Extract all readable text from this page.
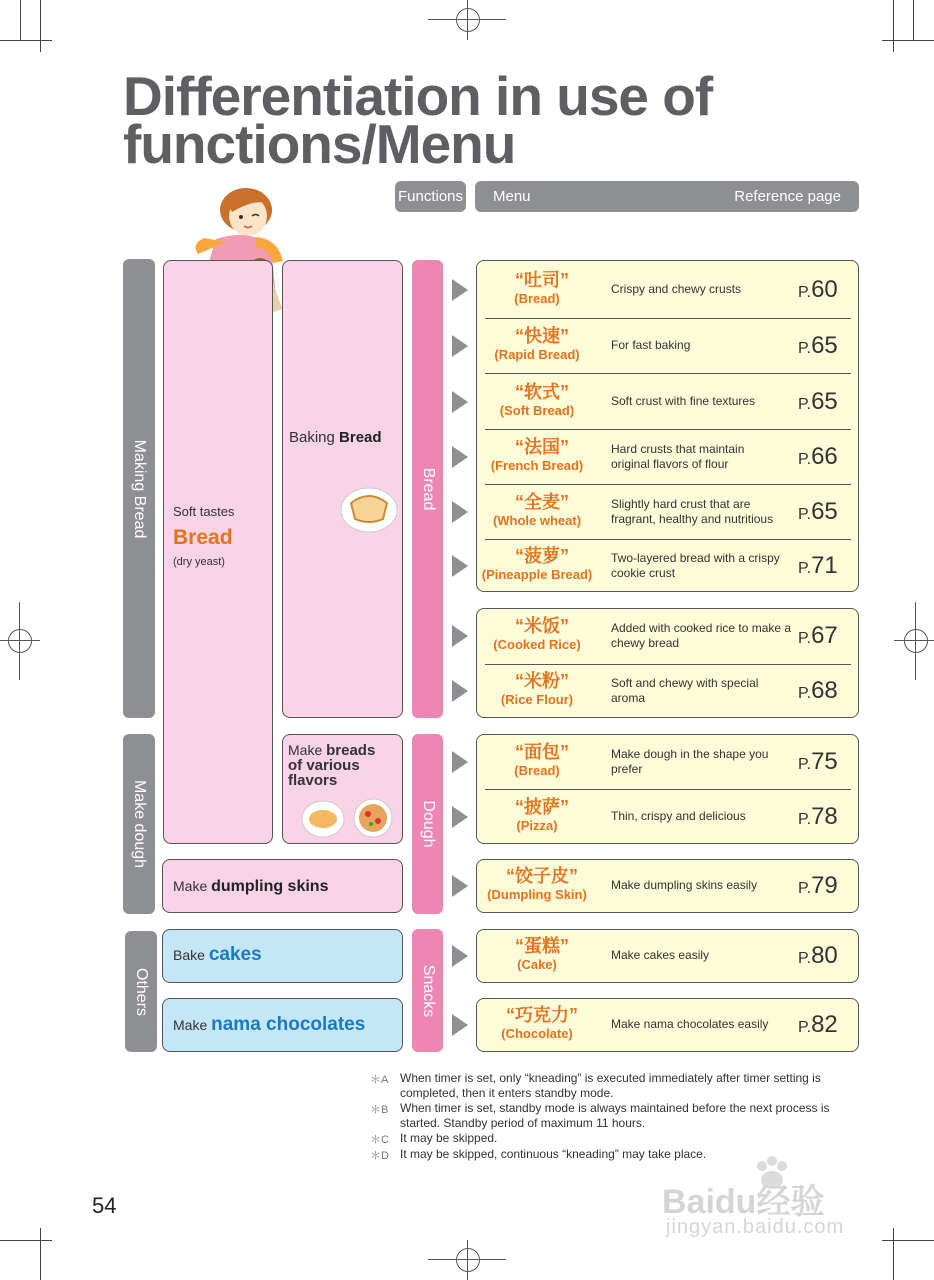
Differentiation in use of functions/Menu
Functions Menu	Reference page
Making Bread
Make dough
Others
Soft tastes
Bread
(dry yeast)
Baking Bread
Make breads
of various
flavors
Make dumpling skins
Bake cakes
Make nama chocolates
Bread
Dough
Snacks
“吐司”
(Bread)
Crispy and chewy crusts	P.60
“快速”
(Rapid Bread)
For fast baking	P.65
“软式”
(Soft Bread)
Soft crust with fine textures	P.65
“法国”
(French Bread)
Hard crusts that maintain
original flavors of flour	P.66
“全麦”
(Whole wheat)
Slightly hard crust that are
fragrant, healthy and nutritious	P.65
“菠萝”
(Pineapple Bread)
Two-layered bread with a crispy
cookie crust	P.71
“米饭”
(Cooked Rice)
Added with cooked rice to make a
chewy bread	P.67
“米粉”
(Rice Flour)
Soft and chewy with special
aroma	P.68
“面包”
(Bread)
Make dough in the shape you
prefer	P.75
“披萨”
(Pizza)
Thin, crispy and delicious	P.78
“饺子皮”
(Dumpling Skin)
Make dumpling skins easily	P.79
“蛋糕”
(Cake)
Make cakes easily	P.80
“巧克力”
(Chocolate)
Make nama chocolates easily	P.82
＊A When timer is set, only “kneading” is executed immediately after timer setting is
completed, then it enters standby mode.
＊B When timer is set, standby mode is always maintained before the next process is
started. Standby period of maximum 11 hours.
＊C It may be skipped.
＊D It may be skipped, continuous “kneading” may take place.
54	Baidu经验
jingyan.baidu.com
